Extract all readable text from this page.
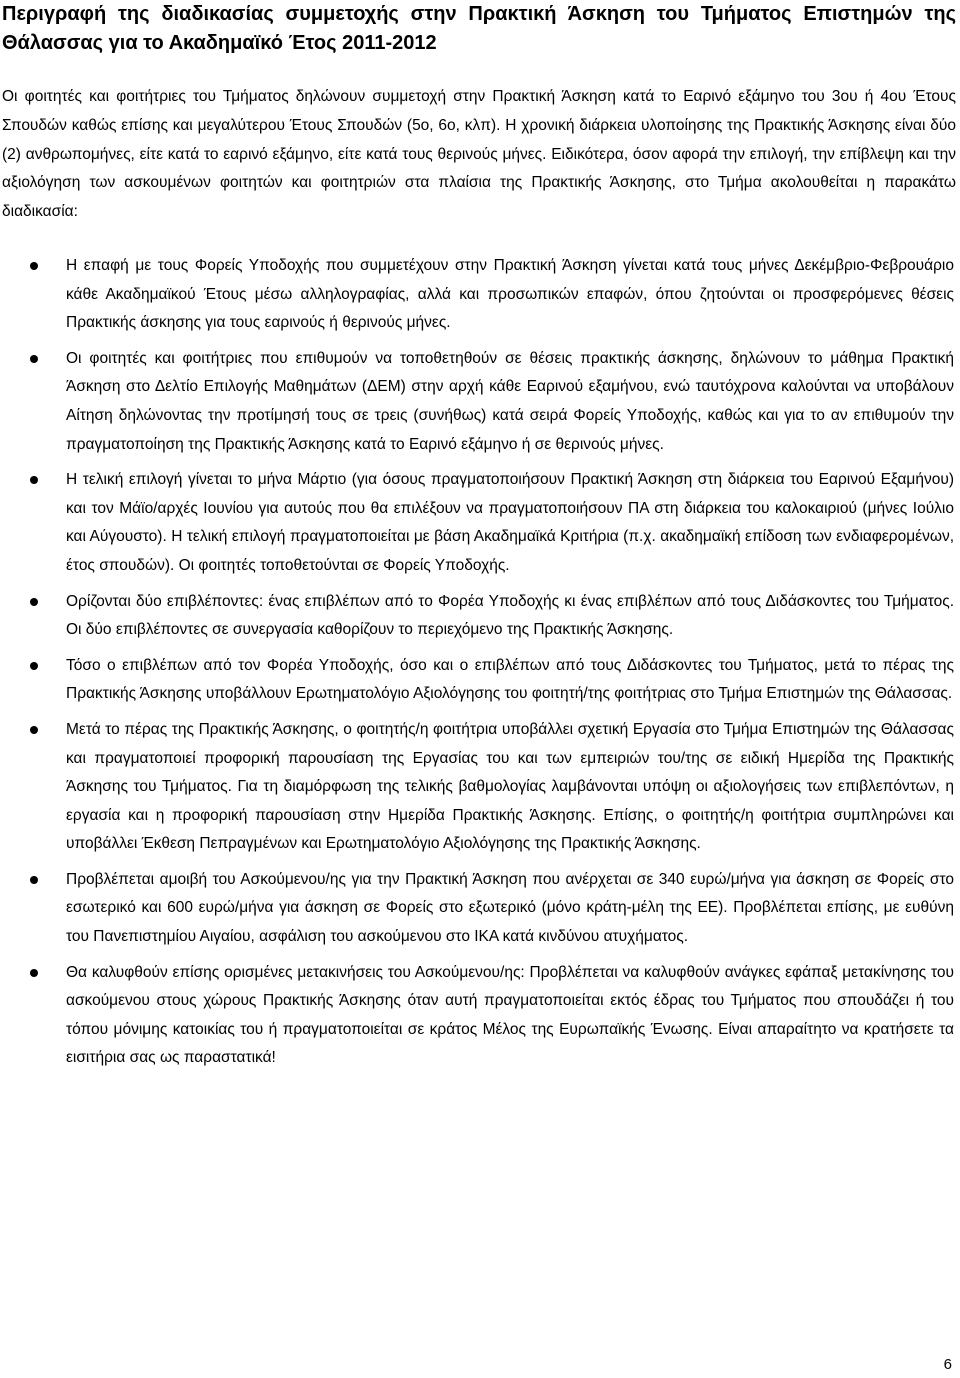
Περιγραφή της διαδικασίας συμμετοχής στην Πρακτική Άσκηση του Τμήματος Επιστημών της Θάλασσας για το Ακαδημαϊκό Έτος 2011-2012

Οι φοιτητές και φοιτήτριες του Τμήματος δηλώνουν συμμετοχή στην Πρακτική Άσκηση κατά το Εαρινό εξάμηνο του 3ου ή 4ου Έτους Σπουδών καθώς επίσης και μεγαλύτερου Έτους Σπουδών (5ο, 6ο, κλπ). Η χρονική διάρκεια υλοποίησης της Πρακτικής Άσκησης είναι δύο (2) ανθρωπομήνες, είτε κατά το εαρινό εξάμηνο, είτε κατά τους θερινούς μήνες. Ειδικότερα, όσον αφορά την επιλογή, την επίβλεψη και την αξιολόγηση των ασκουμένων φοιτητών και φοιτητριών στα πλαίσια της Πρακτικής Άσκησης, στο Τμήμα ακολουθείται η παρακάτω διαδικασία:

Η επαφή με τους Φορείς Υποδοχής που συμμετέχουν στην Πρακτική Άσκηση γίνεται κατά τους μήνες Δεκέμβριο-Φεβρουάριο κάθε Ακαδημαϊκού Έτους μέσω αλληλογραφίας, αλλά και προσωπικών επαφών, όπου ζητούνται οι προσφερόμενες θέσεις Πρακτικής άσκησης για τους εαρινούς ή θερινούς μήνες.
Οι φοιτητές και φοιτήτριες που επιθυμούν να τοποθετηθούν σε θέσεις πρακτικής άσκησης, δηλώνουν το μάθημα Πρακτική Άσκηση στο Δελτίο Επιλογής Μαθημάτων (ΔΕΜ) στην αρχή κάθε Εαρινού εξαμήνου, ενώ ταυτόχρονα καλούνται να υποβάλουν Αίτηση δηλώνοντας την προτίμησή τους σε τρεις (συνήθως) κατά σειρά Φορείς Υποδοχής, καθώς και για το αν επιθυμούν την πραγματοποίηση της Πρακτικής Άσκησης κατά το Εαρινό εξάμηνο ή σε θερινούς μήνες.
Η τελική επιλογή γίνεται το μήνα Μάρτιο (για όσους πραγματοποιήσουν Πρακτική Άσκηση στη διάρκεια του Εαρινού Εξαμήνου) και τον Μάϊο/αρχές Ιουνίου για αυτούς που θα επιλέξουν να πραγματοποιήσουν ΠΑ στη διάρκεια του καλοκαιριού (μήνες Ιούλιο και Αύγουστο). Η τελική επιλογή πραγματοποιείται με βάση Ακαδημαϊκά Κριτήρια (π.χ. ακαδημαϊκή επίδοση των ενδιαφερομένων, έτος σπουδών). Οι φοιτητές τοποθετούνται σε Φορείς Υποδοχής.
Ορίζονται δύο επιβλέποντες: ένας επιβλέπων από το Φορέα Υποδοχής κι ένας επιβλέπων από τους Διδάσκοντες του Τμήματος. Οι δύο επιβλέποντες σε συνεργασία καθορίζουν το περιεχόμενο της Πρακτικής Άσκησης.
Τόσο ο επιβλέπων από τον Φορέα Υποδοχής, όσο και ο επιβλέπων από τους Διδάσκοντες του Τμήματος, μετά το πέρας της Πρακτικής Άσκησης υποβάλλουν Ερωτηματολόγιο Αξιολόγησης του φοιτητή/της φοιτήτριας στο Τμήμα Επιστημών της Θάλασσας.
Μετά το πέρας της Πρακτικής Άσκησης, ο φοιτητής/η φοιτήτρια υποβάλλει σχετική Εργασία στο Τμήμα Επιστημών της Θάλασσας και πραγματοποιεί προφορική παρουσίαση της Εργασίας του και των εμπειριών του/της σε ειδική Ημερίδα της Πρακτικής Άσκησης του Τμήματος. Για τη διαμόρφωση της τελικής βαθμολογίας λαμβάνονται υπόψη οι αξιολογήσεις των επιβλεπόντων, η εργασία και η προφορική παρουσίαση στην Ημερίδα Πρακτικής Άσκησης. Επίσης, ο φοιτητής/η φοιτήτρια συμπληρώνει και υποβάλλει Έκθεση Πεπραγμένων και Ερωτηματολόγιο Αξιολόγησης της Πρακτικής Άσκησης.
Προβλέπεται αμοιβή του Ασκούμενου/ης για την Πρακτική Άσκηση που ανέρχεται σε 340 ευρώ/μήνα για άσκηση σε Φορείς στο εσωτερικό και 600 ευρώ/μήνα για άσκηση σε Φορείς στο εξωτερικό (μόνο κράτη-μέλη της ΕΕ). Προβλέπεται επίσης, με ευθύνη του Πανεπιστημίου Αιγαίου, ασφάλιση του ασκούμενου στο ΙΚΑ κατά κινδύνου ατυχήματος.
Θα καλυφθούν επίσης ορισμένες μετακινήσεις του Ασκούμενου/ης: Προβλέπεται να καλυφθούν ανάγκες εφάπαξ μετακίνησης του ασκούμενου στους χώρους Πρακτικής Άσκησης όταν αυτή πραγματοποιείται εκτός έδρας του Τμήματος που σπουδάζει ή του τόπου μόνιμης κατοικίας του ή πραγματοποιείται σε κράτος Μέλος της Ευρωπαϊκής Ένωσης. Είναι απαραίτητο να κρατήσετε τα εισιτήρια σας ως παραστατικά!
6
